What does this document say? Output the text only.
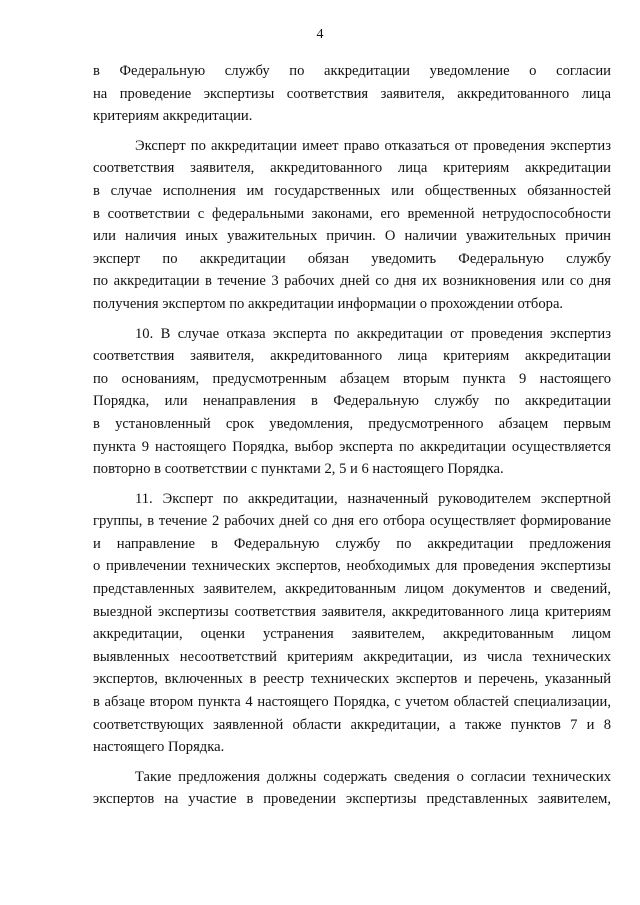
4
в Федеральную службу по аккредитации уведомление о согласии
на проведение экспертизы соответствия заявителя, аккредитованного лица
критериям аккредитации.
Эксперт по аккредитации имеет право отказаться от проведения экспертиз
соответствия заявителя, аккредитованного лица критериям аккредитации
в случае исполнения им государственных или общественных обязанностей
в соответствии с федеральными законами, его временной нетрудоспособности
или наличия иных уважительных причин. О наличии уважительных причин
эксперт по аккредитации обязан уведомить Федеральную службу
по аккредитации в течение 3 рабочих дней со дня их возникновения или со дня
получения экспертом по аккредитации информации о прохождении отбора.
10. В случае отказа эксперта по аккредитации от проведения экспертиз
соответствия заявителя, аккредитованного лица критериям аккредитации
по основаниям, предусмотренным абзацем вторым пункта 9 настоящего
Порядка, или ненаправления в Федеральную службу по аккредитации
в установленный срок уведомления, предусмотренного абзацем первым
пункта 9 настоящего Порядка, выбор эксперта по аккредитации осуществляется
повторно в соответствии с пунктами 2, 5 и 6 настоящего Порядка.
11. Эксперт по аккредитации, назначенный руководителем экспертной
группы, в течение 2 рабочих дней со дня его отбора осуществляет формирование
и направление в Федеральную службу по аккредитации предложения
о привлечении технических экспертов, необходимых для проведения экспертизы
представленных заявителем, аккредитованным лицом документов и сведений,
выездной экспертизы соответствия заявителя, аккредитованного лица критериям
аккредитации, оценки устранения заявителем, аккредитованным лицом
выявленных несоответствий критериям аккредитации, из числа технических
экспертов, включенных в реестр технических экспертов и перечень, указанный
в абзаце втором пункта 4 настоящего Порядка, с учетом областей специализации,
соответствующих заявленной области аккредитации, а также пунктов 7 и 8
настоящего Порядка.
Такие предложения должны содержать сведения о согласии технических
экспертов на участие в проведении экспертизы представленных заявителем,
